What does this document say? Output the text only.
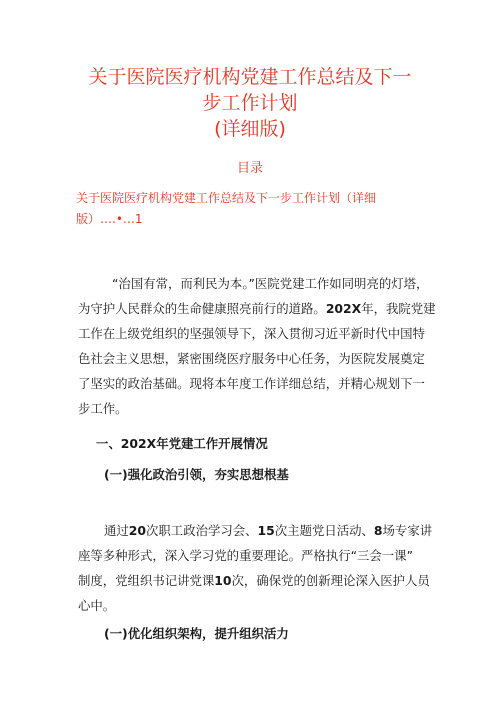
关于医院医疗机构党建工作总结及下一
步工作计划
(详细版)
目录
关于医院医疗机构党建工作总结及下一步工作计划（详细
版）….•…1
“治国有常，而利民为本。”医院党建工作如同明亮的灯塔，
为守护人民群众的生命健康照亮前行的道路。202X年，我院党建
工作在上级党组织的坚强领导下，深入贯彻习近平新时代中国特
色社会主义思想，紧密围绕医疗服务中心任务，为医院发展奠定
了坚实的政治基础。现将本年度工作详细总结，并精心规划下一
步工作。
一、202X年党建工作开展情况
(一)强化政治引领，夯实思想根基
通过20次职工政治学习会、15次主题党日活动、8场专家讲
座等多种形式，深入学习党的重要理论。严格执行“三会一课”
制度，党组织书记讲党课10次，确保党的创新理论深入医护人员
心中。
(一)优化组织架构，提升组织活力
